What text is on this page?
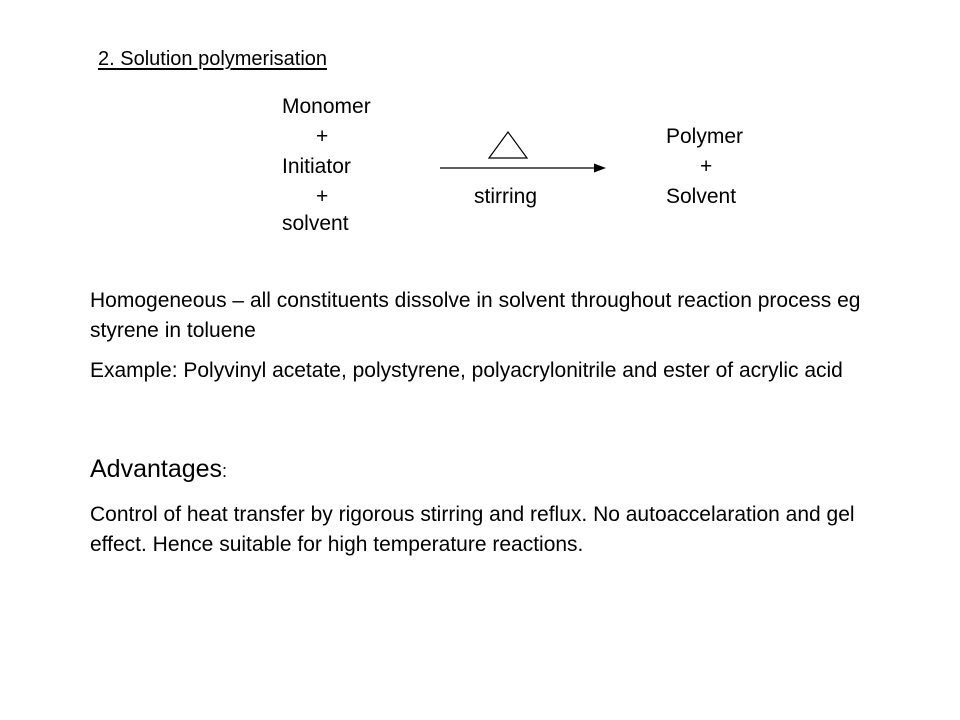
2. Solution polymerisation
Monomer
+
Initiator
+
solvent
stirring
Polymer
+
Solvent
Homogeneous – all constituents dissolve in solvent throughout reaction process eg styrene in toluene
Example: Polyvinyl acetate, polystyrene, polyacrylonitrile and ester of acrylic acid
Advantages:
Control of heat transfer by rigorous stirring and reflux. No autoaccelaration and gel effect. Hence suitable for high temperature reactions.
